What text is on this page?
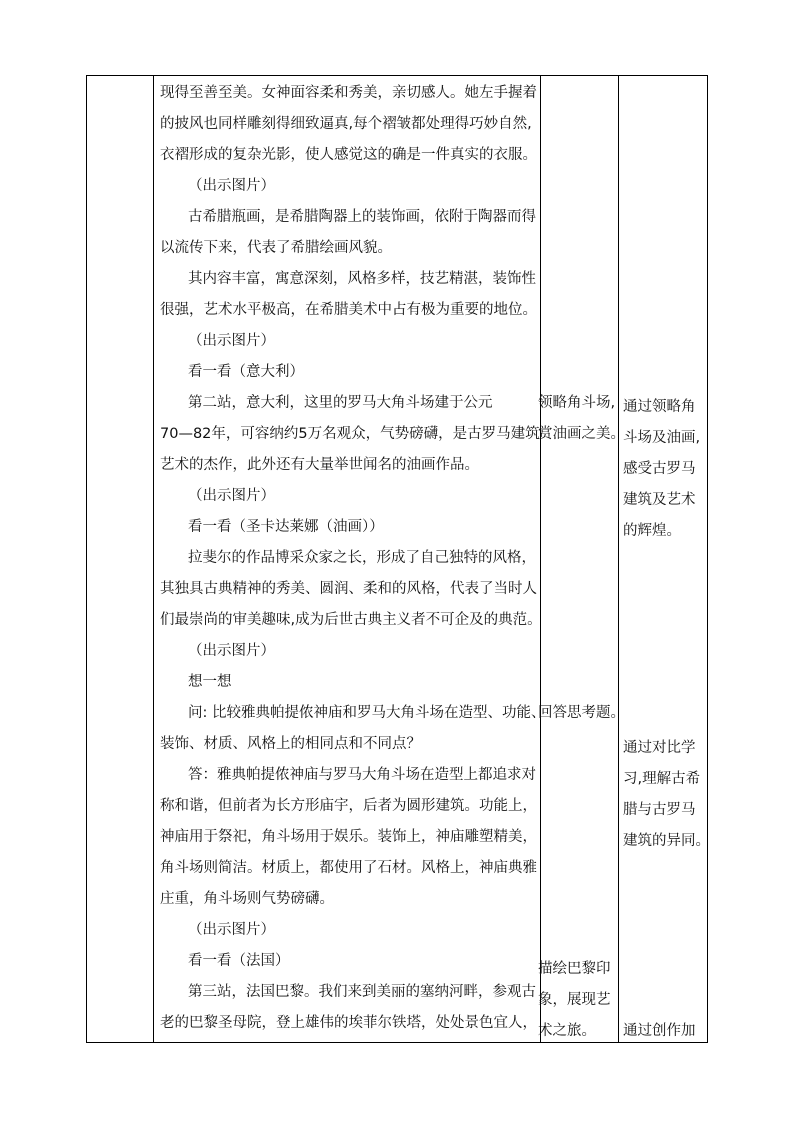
现得至善至美。女神面容柔和秀美，亲切感人。她左手握着
的披风也同样雕刻得细致逼真,每个褶皱都处理得巧妙自然,
衣褶形成的复杂光影，使人感觉这的确是一件真实的衣服。
（出示图片）
古希腊瓶画，是希腊陶器上的装饰画，依附于陶器而得
以流传下来，代表了希腊绘画风貌。
其内容丰富，寓意深刻，风格多样，技艺精湛，装饰性
很强，艺术水平极高，在希腊美术中占有极为重要的地位。
（出示图片）
看一看（意大利）
第二站，意大利，这里的罗马大角斗场建于公元
70—82年，可容纳约5万名观众，气势磅礴，是古罗马建筑
艺术的杰作，此外还有大量举世闻名的油画作品。
（出示图片）
看一看（圣卡达莱娜（油画））
拉斐尔的作品博采众家之长，形成了自己独特的风格，
其独具古典精神的秀美、圆润、柔和的风格，代表了当时人
们最崇尚的审美趣味,成为后世古典主义者不可企及的典范。
（出示图片）
想一想
问: 比较雅典帕提侬神庙和罗马大角斗场在造型、功能、
装饰、材质、风格上的相同点和不同点？
答：雅典帕提侬神庙与罗马大角斗场在造型上都追求对
称和谐，但前者为长方形庙宇，后者为圆形建筑。功能上，
神庙用于祭祀，角斗场用于娱乐。装饰上，神庙雕塑精美，
角斗场则简洁。材质上，都使用了石材。风格上，神庙典雅
庄重，角斗场则气势磅礴。
（出示图片）
看一看（法国）
第三站，法国巴黎。我们来到美丽的塞纳河畔，参观古
老的巴黎圣母院，登上雄伟的埃菲尔铁塔，处处景色宜人，
领略角斗场,
赏油画之美。
回答思考题。
描绘巴黎印
象，展现艺
术之旅。
通过领略角
斗场及油画,
感受古罗马
建筑及艺术
的辉煌。
通过对比学
习,理解古希
腊与古罗马
建筑的异同。
通过创作加
